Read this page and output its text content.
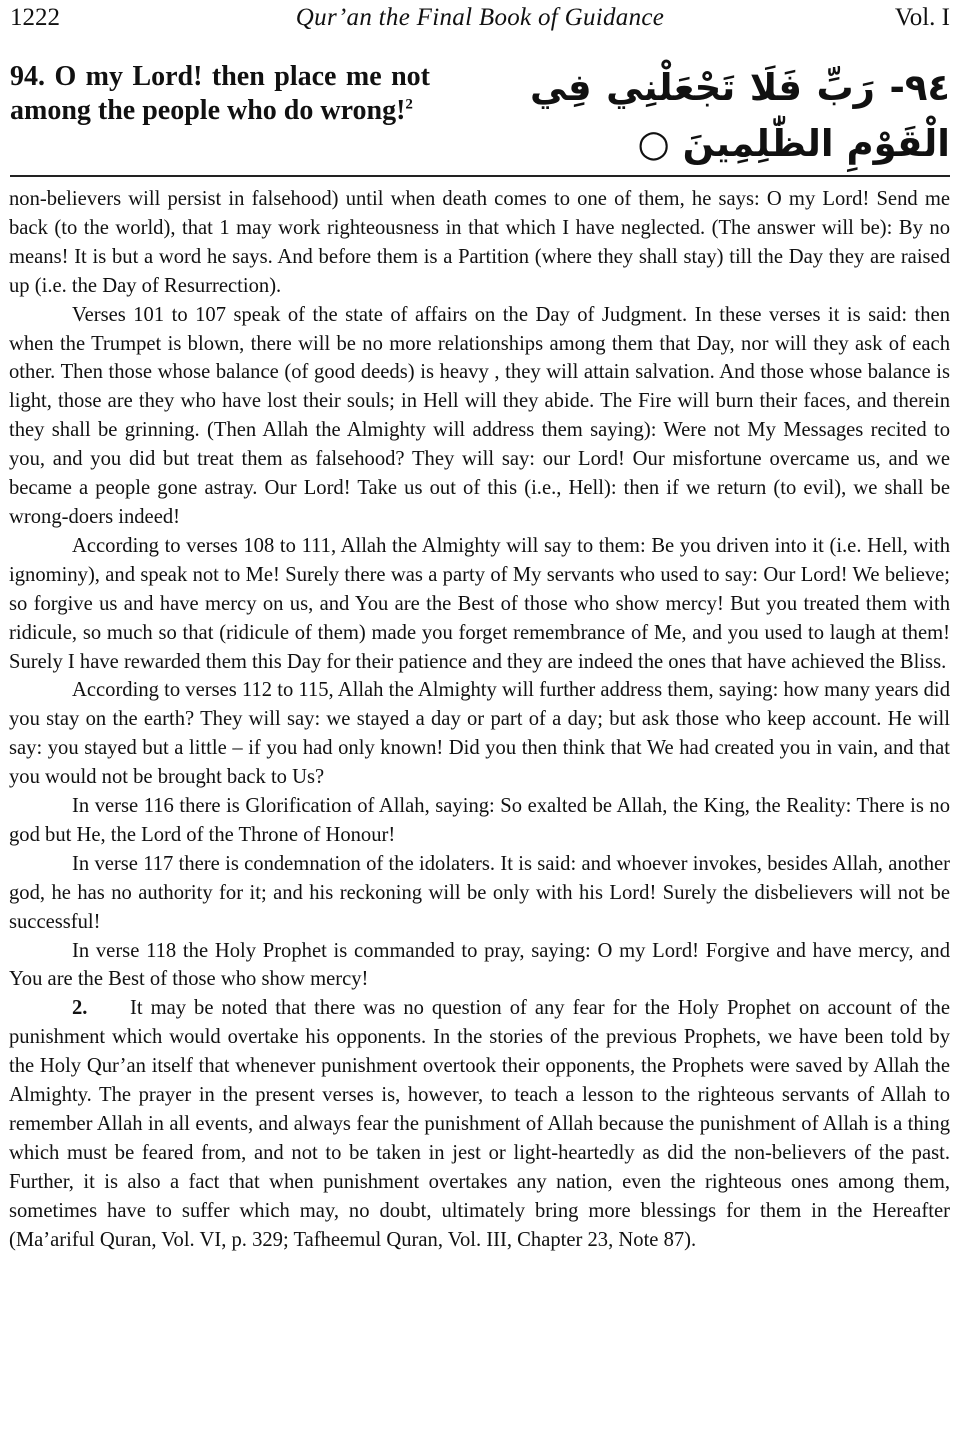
1222	Qur’an the Final Book of Guidance	Vol. I
94. O my Lord! then place me not among the people who do wrong!$^2$	٩٤- رَبِّ فَلَا تَجْعَلْنِي فِي الْقَوْمِ الظّٰلِمِينَ ○

non-believers will persist in falsehood) until when death comes to one of them, he says: O my Lord! Send me back (to the world), that 1 may work righteousness in that which I have neglected. (The answer will be): By no means! It is but a word he says. And before them is a Partition (where they shall stay) till the Day they are raised up (i.e. the Day of Resurrection).

Verses 101 to 107 speak of the state of affairs on the Day of Judgment. In these verses it is said: then when the Trumpet is blown, there will be no more relationships among them that Day, nor will they ask of each other. Then those whose balance (of good deeds) is heavy , they will attain salvation. And those whose balance is light, those are they who have lost their souls; in Hell will they abide. The Fire will burn their faces, and therein they shall be grinning. (Then Allah the Almighty will address them saying): Were not My Messages recited to you, and you did but treat them as falsehood? They will say: our Lord! Our misfortune overcame us, and we became a people gone astray. Our Lord! Take us out of this (i.e., Hell): then if we return (to evil), we shall be wrong-doers indeed!

According to verses 108 to 111, Allah the Almighty will say to them: Be you driven into it (i.e. Hell, with ignominy), and speak not to Me! Surely there was a party of My servants who used to say: Our Lord! We believe; so forgive us and have mercy on us, and You are the Best of those who show mercy! But you treated them with ridicule, so much so that (ridicule of them) made you forget remembrance of Me, and you used to laugh at them! Surely I have rewarded them this Day for their patience and they are indeed the ones that have achieved the Bliss.

According to verses 112 to 115, Allah the Almighty will further address them, saying: how many years did you stay on the earth? They will say: we stayed a day or part of a day; but ask those who keep account. He will say: you stayed but a little – if you had only known! Did you then think that We had created you in vain, and that you would not be brought back to Us?

In verse 116 there is Glorification of Allah, saying: So exalted be Allah, the King, the Reality: There is no god but He, the Lord of the Throne of Honour!

In verse 117 there is condemnation of the idolaters. It is said: and whoever invokes, besides Allah, another god, he has no authority for it; and his reckoning will be only with his Lord! Surely the disbelievers will not be successful!

In verse 118 the Holy Prophet is commanded to pray, saying: O my Lord! Forgive and have mercy, and You are the Best of those who show mercy!

2. It may be noted that there was no question of any fear for the Holy Prophet on account of the punishment which would overtake his opponents. In the stories of the previous Prophets, we have been told by the Holy Qur’an itself that whenever punishment overtook their opponents, the Prophets were saved by Allah the Almighty. The prayer in the present verses is, however, to teach a lesson to the righteous servants of Allah to remember Allah in all events, and always fear the punishment of Allah because the punishment of Allah is a thing which must be feared from, and not to be taken in jest or light-heartedly as did the non-believers of the past. Further, it is also a fact that when punishment overtakes any nation, even the righteous ones among them, sometimes have to suffer which may, no doubt, ultimately bring more blessings for them in the Hereafter (Ma’ariful Quran, Vol. VI, p. 329; Tafheemul Quran, Vol. III, Chapter 23, Note 87).
